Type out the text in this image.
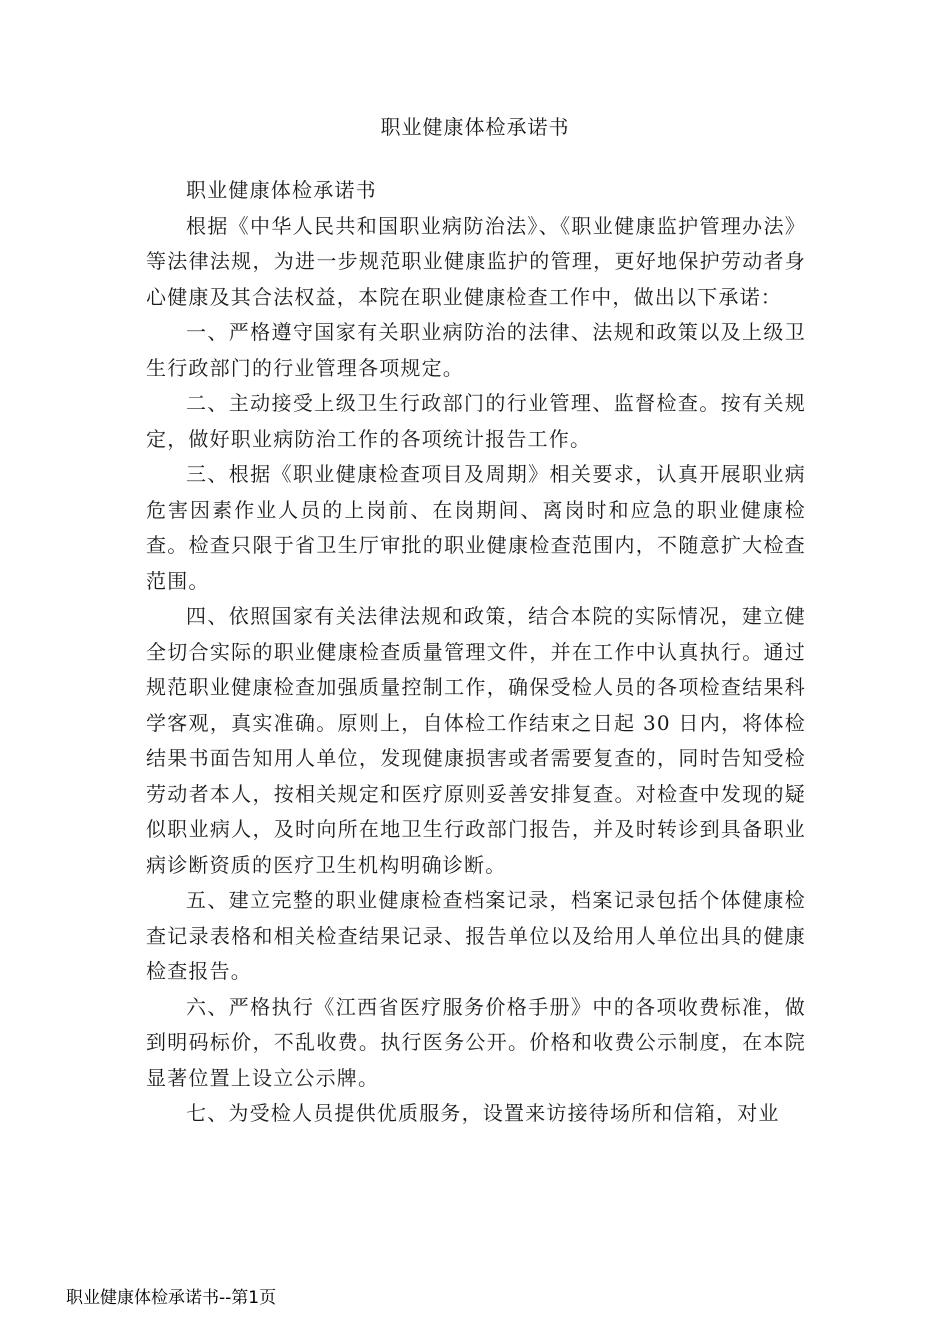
职业健康体检承诺书

职业健康体检承诺书

根据《中华人民共和国职业病防治法》、《职业健康监护管理办法》等法律法规，为进一步规范职业健康监护的管理，更好地保护劳动者身心健康及其合法权益，本院在职业健康检查工作中，做出以下承诺：

一、严格遵守国家有关职业病防治的法律、法规和政策以及上级卫生行政部门的行业管理各项规定。

二、主动接受上级卫生行政部门的行业管理、监督检查。按有关规定，做好职业病防治工作的各项统计报告工作。

三、根据《职业健康检查项目及周期》相关要求，认真开展职业病危害因素作业人员的上岗前、在岗期间、离岗时和应急的职业健康检查。检查只限于省卫生厅审批的职业健康检查范围内，不随意扩大检查范围。

四、依照国家有关法律法规和政策，结合本院的实际情况，建立健全切合实际的职业健康检查质量管理文件，并在工作中认真执行。通过规范职业健康检查加强质量控制工作，确保受检人员的各项检查结果科学客观，真实准确。原则上，自体检工作结束之日起 30 日内，将体检结果书面告知用人单位，发现健康损害或者需要复查的，同时告知受检劳动者本人，按相关规定和医疗原则妥善安排复查。对检查中发现的疑似职业病人，及时向所在地卫生行政部门报告，并及时转诊到具备职业病诊断资质的医疗卫生机构明确诊断。

五、建立完整的职业健康检查档案记录，档案记录包括个体健康检查记录表格和相关检查结果记录、报告单位以及给用人单位出具的健康检查报告。

六、严格执行《江西省医疗服务价格手册》中的各项收费标准，做到明码标价，不乱收费。执行医务公开。价格和收费公示制度，在本院显著位置上设立公示牌。

七、为受检人员提供优质服务，设置来访接待场所和信箱，对业

职业健康体检承诺书--第1页
